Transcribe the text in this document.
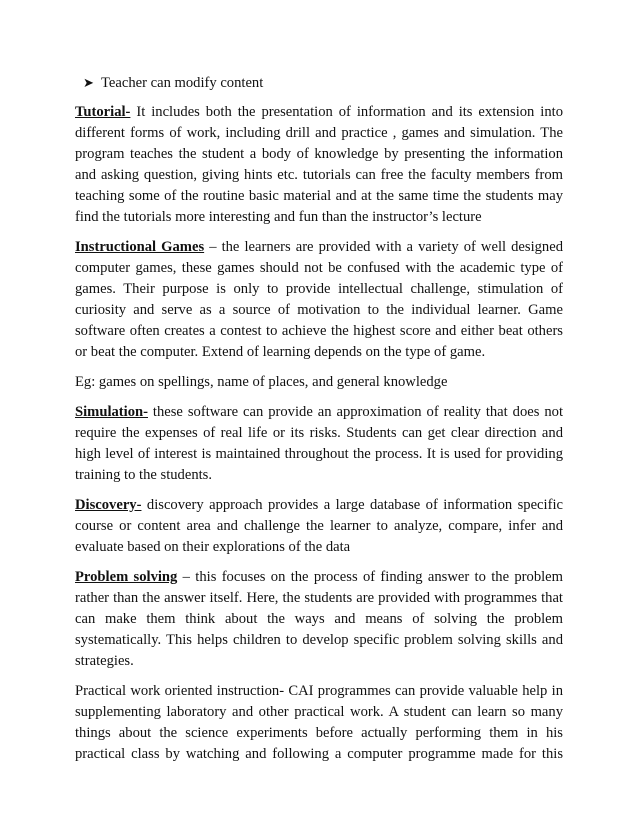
➤ Teacher can modify content

Tutorial- It includes both the presentation of information and its extension into different forms of work, including drill and practice , games and simulation. The program teaches the student a body of knowledge by presenting the information and asking question, giving hints etc. tutorials can free the faculty members from teaching some of the routine basic material and at the same time the students may find the tutorials more interesting and fun than the instructor’s lecture

Instructional Games – the learners are provided with a variety of well designed computer games, these games should not be confused with the academic type of games. Their purpose is only to provide intellectual challenge, stimulation of curiosity and serve as a source of motivation to the individual learner. Game software often creates a contest to achieve the highest score and either beat others or beat the computer. Extend of learning depends on the type of game.

Eg: games on spellings, name of places, and general knowledge

Simulation- these software can provide an approximation of reality that does not require the expenses of real life or its risks. Students can get clear direction and high level of interest is maintained throughout the process. It is used for providing training to the students.

Discovery- discovery approach provides a large database of information specific course or content area and challenge the learner to analyze, compare, infer and evaluate based on their explorations of the data

Problem solving – this focuses on the process of finding answer to the problem rather than the answer itself. Here, the students are provided with programmes that can make them think about the ways and means of solving the problem systematically. This helps children to develop specific problem solving skills and strategies.

Practical work oriented instruction- CAI programmes can provide valuable help in supplementing laboratory and other practical work. A student can learn so many things about the science experiments before actually performing them in his practical class by watching and following a computer programme made for this
